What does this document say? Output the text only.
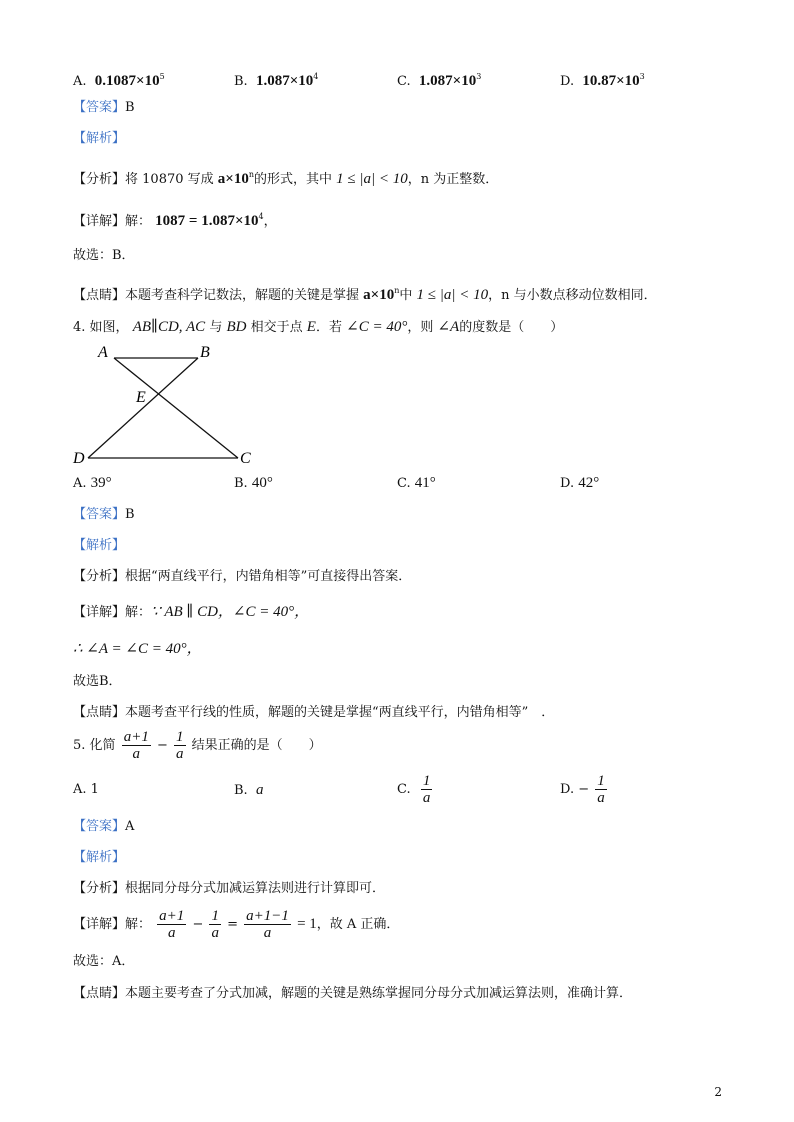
A. $0.1087\times 10^5$	B. $1.087\times 10^4$	C. $1.087\times 10^3$	D. $10.87\times 10^3$
【答案】B
【解析】
【分析】将 10870 写成 $a\times 10^n$的形式，其中 1 ≤ |a| < 10，n 为正整数．
【详解】解： $1087 = 1.087\times 10^4$，
故选：B．
【点睛】本题考查科学记数法，解题的关键是掌握 $a\times 10^n$中 1 ≤ |a| < 10，n 与小数点移动位数相同．
4. 如图， AB∥CD, AC 与 BD 相交于点 E．若 ∠C = 40°，则 ∠A的度数是（　　）
A	B
E
D	C
A. 39°	B. 40°	C. 41°	D. 42°
【答案】B
【解析】
【分析】根据“两直线平行，内错角相等”可直接得出答案．
【详解】解：∵ AB ∥ CD，∠C = 40°，
∴ ∠A = ∠C = 40°，
故选B．
【点睛】本题考查平行线的性质，解题的关键是掌握“两直线平行，内错角相等”　．
5. 化简 $\frac{a+1}{a} - \frac{1}{a}$ 结果正确的是（　　）
A. 1	B. a	C. $\frac{1}{a}$	D. − $\frac{1}{a}$
【答案】A
【解析】
【分析】根据同分母分式加减运算法则进行计算即可．
【详解】解： $\frac{a+1}{a} - \frac{1}{a} = \frac{a+1-1}{a} = 1$，故 A 正确．
故选：A．
【点睛】本题主要考查了分式加减，解题的关键是熟练掌握同分母分式加减运算法则，准确计算．
2
